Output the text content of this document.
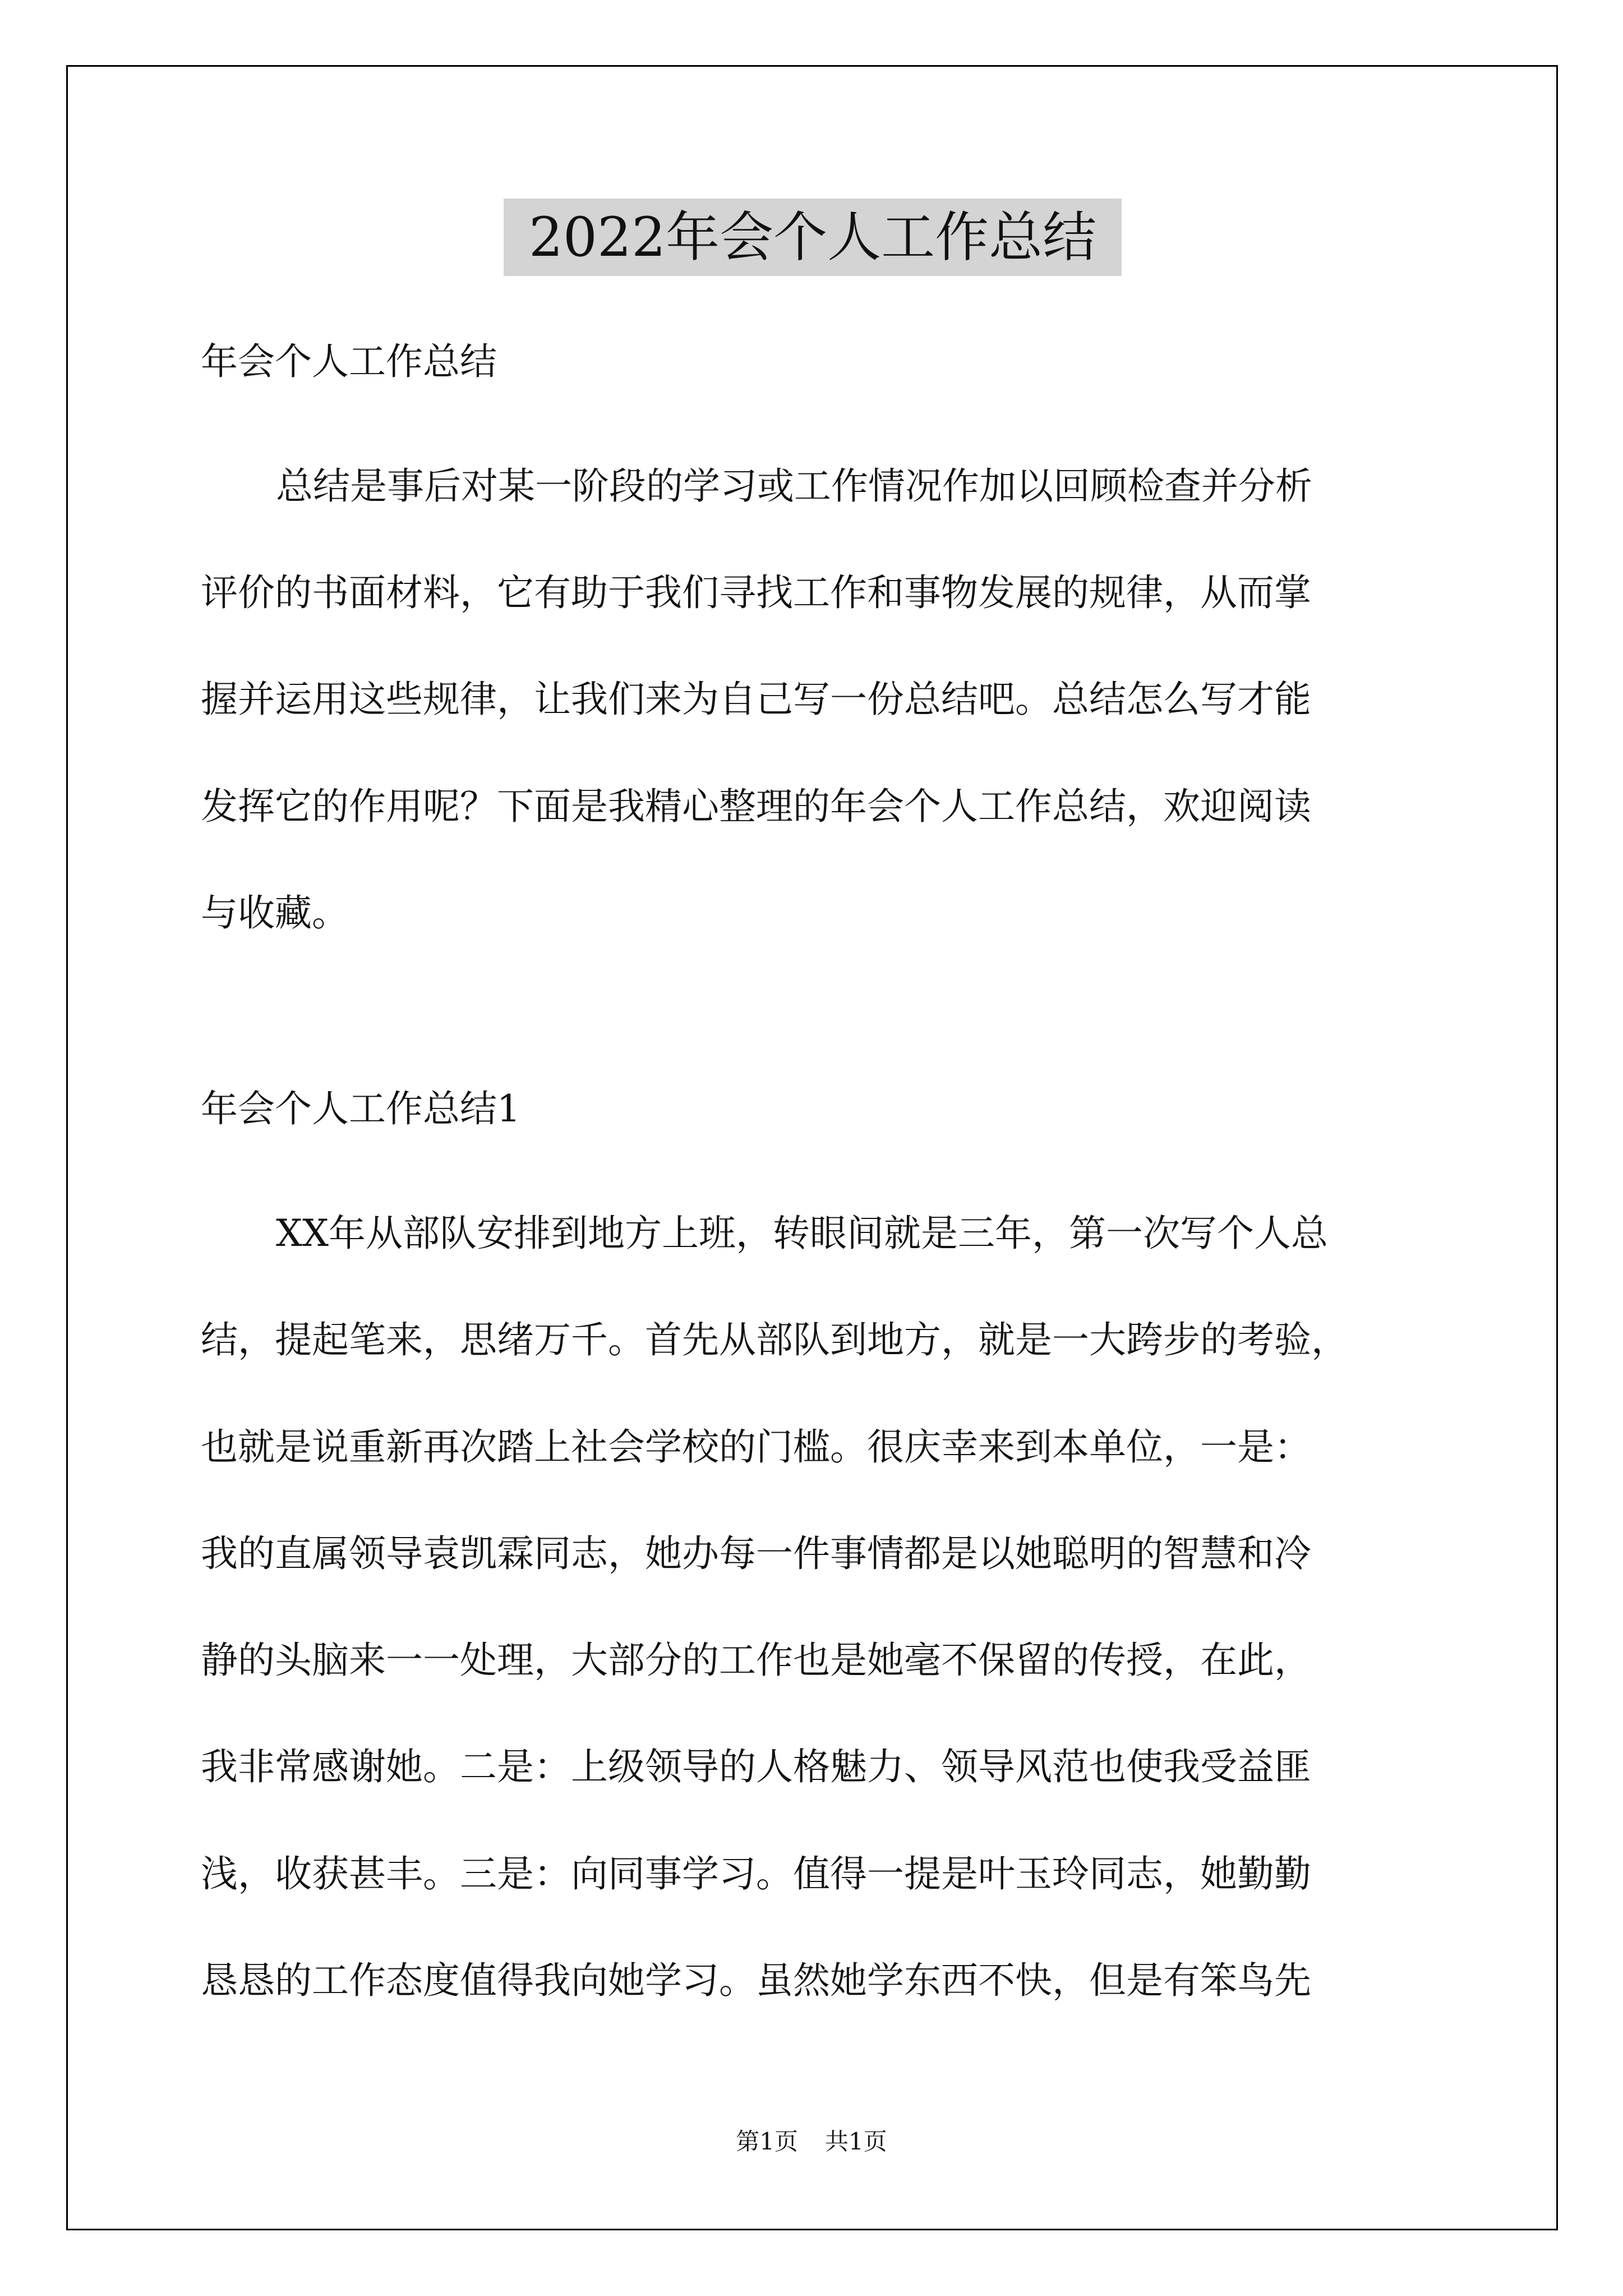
2022年会个人工作总结
年会个人工作总结
总结是事后对某一阶段的学习或工作情况作加以回顾检查并分析
评价的书面材料，它有助于我们寻找工作和事物发展的规律，从而掌
握并运用这些规律，让我们来为自己写一份总结吧。总结怎么写才能
发挥它的作用呢？下面是我精心整理的年会个人工作总结，欢迎阅读
与收藏。
年会个人工作总结1
XX年从部队安排到地方上班，转眼间就是三年，第一次写个人总
结，提起笔来，思绪万千。首先从部队到地方，就是一大跨步的考验，
也就是说重新再次踏上社会学校的门槛。很庆幸来到本单位，一是：
我的直属领导袁凯霖同志，她办每一件事情都是以她聪明的智慧和冷
静的头脑来一一处理，大部分的工作也是她毫不保留的传授，在此，
我非常感谢她。二是：上级领导的人格魅力、领导风范也使我受益匪
浅，收获甚丰。三是：向同事学习。值得一提是叶玉玲同志，她勤勤
恳恳的工作态度值得我向她学习。虽然她学东西不快，但是有笨鸟先
第1页 共1页
